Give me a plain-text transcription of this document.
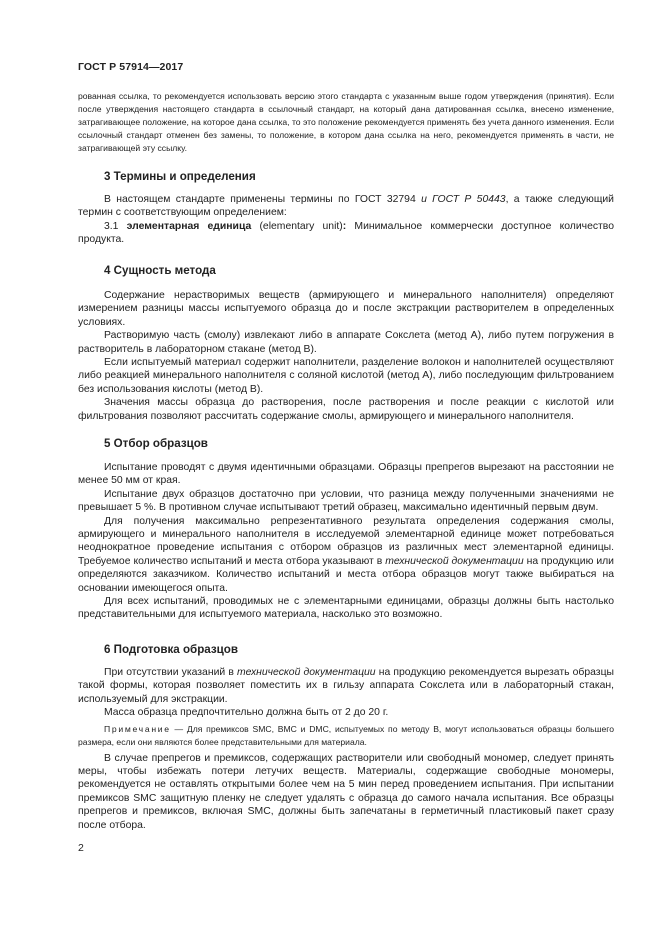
ГОСТ Р 57914—2017

рованная ссылка, то рекомендуется использовать версию этого стандарта с указанным выше годом утверждения (принятия). Если после утверждения настоящего стандарта в ссылочный стандарт, на который дана датированная ссылка, внесено изменение, затрагивающее положение, на которое дана ссылка, то это положение рекомендуется применять без учета данного изменения. Если ссылочный стандарт отменен без замены, то положение, в котором дана ссылка на него, рекомендуется применять в части, не затрагивающей эту ссылку.

3 Термины и определения

В настоящем стандарте применены термины по ГОСТ 32794 и ГОСТ Р 50443, а также следующий термин с соответствующим определением:

3.1 элементарная единица (elementary unit): Минимальное коммерчески доступное количество продукта.

4 Сущность метода

Содержание нерастворимых веществ (армирующего и минерального наполнителя) определяют измерением разницы массы испытуемого образца до и после экстракции растворителем в определенных условиях.

Растворимую часть (смолу) извлекают либо в аппарате Сокслета (метод А), либо путем погружения в растворитель в лабораторном стакане (метод В).

Если испытуемый материал содержит наполнители, разделение волокон и наполнителей осуществляют либо реакцией минерального наполнителя с соляной кислотой (метод А), либо последующим фильтрованием без использования кислоты (метод В).

Значения массы образца до растворения, после растворения и после реакции с кислотой или фильтрования позволяют рассчитать содержание смолы, армирующего и минерального наполнителя.

5 Отбор образцов

Испытание проводят с двумя идентичными образцами. Образцы препрегов вырезают на расстоянии не менее 50 мм от края.

Испытание двух образцов достаточно при условии, что разница между полученными значениями не превышает 5 %. В противном случае испытывают третий образец, максимально идентичный первым двум.

Для получения максимально репрезентативного результата определения содержания смолы, армирующего и минерального наполнителя в исследуемой элементарной единице может потребоваться неоднократное проведение испытания с отбором образцов из различных мест элементарной единицы. Требуемое количество испытаний и места отбора указывают в технической документации на продукцию или определяются заказчиком. Количество испытаний и места отбора образцов могут также выбираться на основании имеющегося опыта.

Для всех испытаний, проводимых не с элементарными единицами, образцы должны быть настолько представительными для испытуемого материала, насколько это возможно.

6 Подготовка образцов

При отсутствии указаний в технической документации на продукцию рекомендуется вырезать образцы такой формы, которая позволяет поместить их в гильзу аппарата Сокслета или в лабораторный стакан, используемый для экстракции.

Масса образца предпочтительно должна быть от 2 до 20 г.

Примечание — Для премиксов SMC, BMC и DMC, испытуемых по методу В, могут использоваться образцы большего размера, если они являются более представительными для материала.

В случае препрегов и премиксов, содержащих растворители или свободный мономер, следует принять меры, чтобы избежать потери летучих веществ. Материалы, содержащие свободные мономеры, рекомендуется не оставлять открытыми более чем на 5 мин перед проведением испытания. При испытании премиксов SMC защитную пленку не следует удалять с образца до самого начала испытания. Все образцы препрегов и премиксов, включая SMC, должны быть запечатаны в герметичный пластиковый пакет сразу после отбора.

2
